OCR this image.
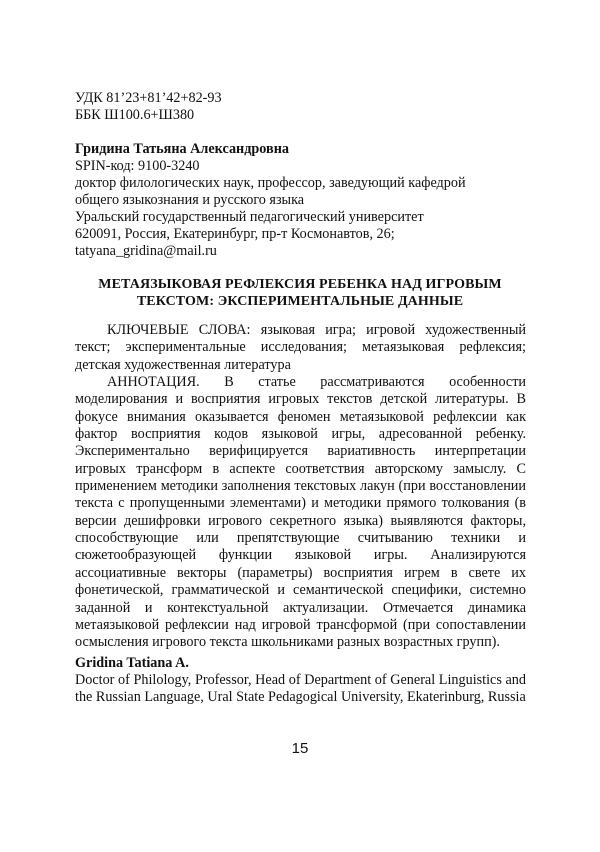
УДК 81’23+81’42+82-93
ББК Ш100.6+Ш380
Гридина Татьяна Александровна
SPIN-код: 9100-3240
доктор филологических наук, профессор, заведующий кафедрой
общего языкознания и русского языка
Уральский государственный педагогический университет
620091, Россия, Екатеринбург, пр-т Космонавтов, 26;
tatyana_gridina@mail.ru
МЕТАЯЗЫКОВАЯ РЕФЛЕКСИЯ РЕБЕНКА НАД ИГРОВЫМ
ТЕКСТОМ: ЭКСПЕРИМЕНТАЛЬНЫЕ ДАННЫЕ

КЛЮЧЕВЫЕ СЛОВА: языковая игра; игровой художественный текст; экспериментальные исследования; метаязыковая рефлексия; детская художественная литература

АННОТАЦИЯ. В статье рассматриваются особенности моделирования и восприятия игровых текстов детской литературы. В фокусе внимания оказывается феномен метаязыковой рефлексии как фактор восприятия кодов языковой игры, адресованной ребенку. Экспериментально верифицируется вариативность интерпретации игровых трансформ в аспекте соответствия авторскому замыслу. С применением методики заполнения текстовых лакун (при восстановлении текста с пропущенными элементами) и методики прямого толкования (в версии дешифровки игрового секретного языка) выявляются факторы, способствующие или препятствующие считыванию техники и сюжетообразующей функции языковой игры. Анализируются ассоциативные векторы (параметры) восприятия игрем в свете их фонетической, грамматической и семантической специфики, системно заданной и контекстуальной актуализации. Отмечается динамика метаязыковой рефлексии над игровой трансформой (при сопоставлении осмысления игрового текста школьниками разных возрастных групп).

Gridina Tatiana A.
Doctor of Philology, Professor, Head of Department of General Linguistics and the Russian Language, Ural State Pedagogical University, Ekaterinburg, Russia
15
